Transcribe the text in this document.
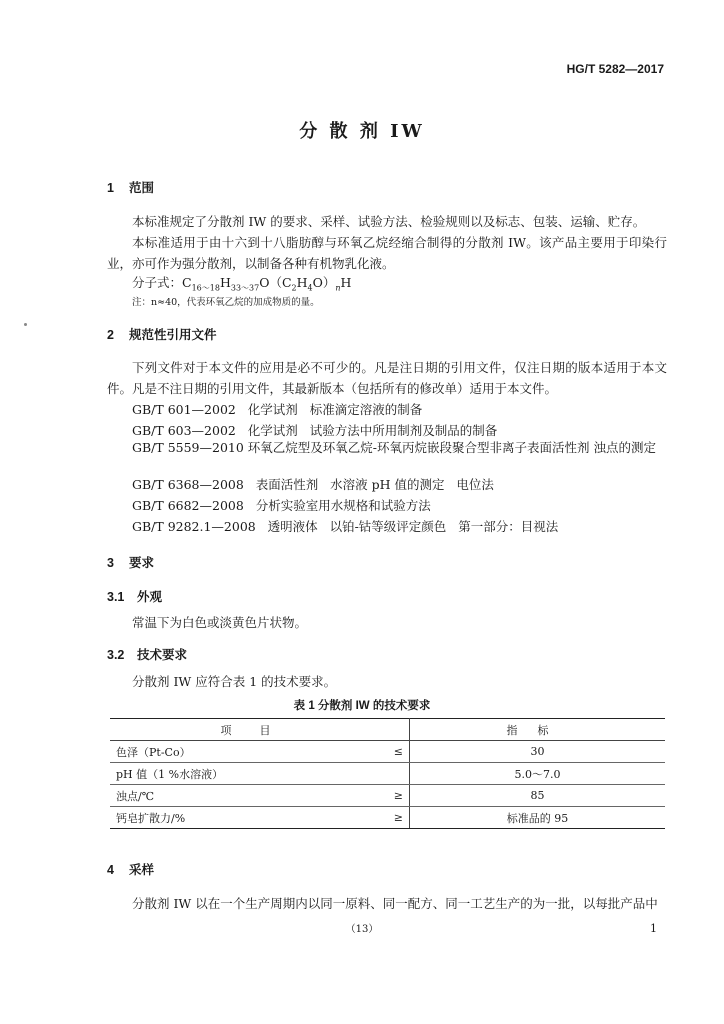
HG/T 5282—2017
分 散 剂 IW
1 范围
本标准规定了分散剂 IW 的要求、采样、试验方法、检验规则以及标志、包装、运输、贮存。
本标准适用于由十六到十八脂肪醇与环氧乙烷经缩合制得的分散剂 IW。该产品主要用于印染行业，亦可作为强分散剂，以制备各种有机物乳化液。
分子式：$C_{16\sim 18}H_{33\sim 37}O(C_2H_4O)_nH$
注：n≈40，代表环氧乙烷的加成物质的量。
2 规范性引用文件
下列文件对于本文件的应用是必不可少的。凡是注日期的引用文件，仅注日期的版本适用于本文件。凡是不注日期的引用文件，其最新版本（包括所有的修改单）适用于本文件。
GB/T 601—2002   化学试剂   标准滴定溶液的制备
GB/T 603—2002   化学试剂   试验方法中所用制剂及制品的制备
GB/T 5559—2010 环氧乙烷型及环氧乙烷-环氧丙烷嵌段聚合型非离子表面活性剂 浊点的测定
GB/T 6368—2008   表面活性剂   水溶液 pH 值的测定   电位法
GB/T 6682—2008   分析实验室用水规格和试验方法
GB/T 9282.1—2008   透明液体   以铂-钴等级评定颜色   第一部分：目视法
3 要求
3.1 外观
常温下为白色或淡黄色片状物。
3.2 技术要求
分散剂 IW 应符合表 1 的技术要求。
表 1 分散剂 IW 的技术要求
项目		指标
色泽（Pt-Co）	≤	30
pH 值（1 %水溶液）		5.0～7.0
浊点/℃	≥	85
钙皂扩散力/%	≥	标准品的 95
4 采样
分散剂 IW 以在一个生产周期内以同一原料、同一配方、同一工艺生产的为一批，以每批产品中
（13）	1
